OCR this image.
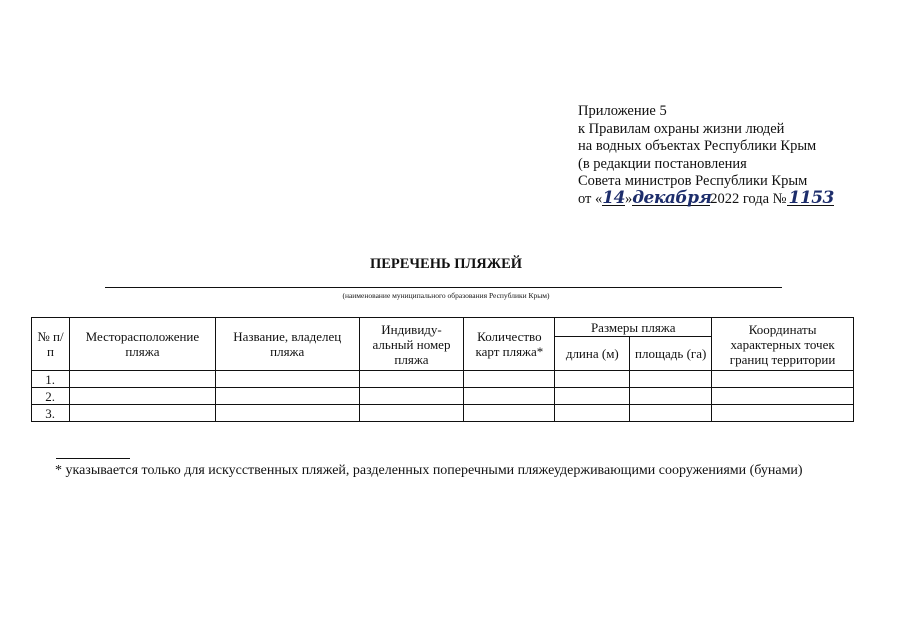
Приложение 5
к Правилам охраны жизни людей
на водных объектах Республики Крым
(в редакции постановления
Совета министров Республики Крым
от «14»декабря2022 года № 1153
ПЕРЕЧЕНЬ ПЛЯЖЕЙ
(наименование муниципального образования Республики Крым)
№ п/п	Месторасположение пляжа	Название, владелец пляжа	Индивиду-альный номер пляжа	Количество карт пляжа*	Размеры пляжа		Координаты характерных точек границ территории
					длина (м)	площадь (га)	
1.							
2.							
3.							
* указывается только для искусственных пляжей, разделенных поперечными пляжеудерживающими сооружениями (бунами)
